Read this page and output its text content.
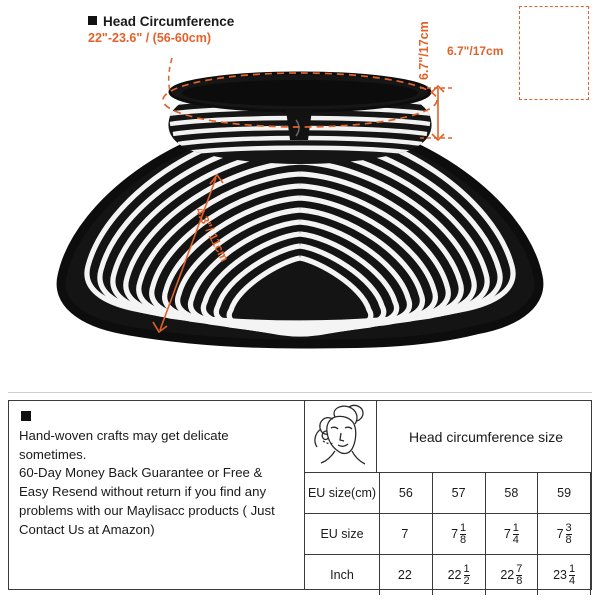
Head Circumference
22"-23.6" / (56-60cm)
6.7"/17cm
6.7"/17cm
4.3"/ 11cm

Hand-woven crafts may get delicate sometimes.

60-Day Money Back Guarantee or Free & Easy Resend without return if you find any problems with our Maylisacc products ( Just Contact Us at Amazon)

Head circumference size
EU size(cm)	56	57	58	59
EU size	7	$7 \frac{1}{8}$	$7 \frac{1}{4}$	$7 \frac{3}{8}$

Inch	22	$22 \frac{1}{2}$	$22 \frac{7}{8}$	$23 \frac{1}{4}$
